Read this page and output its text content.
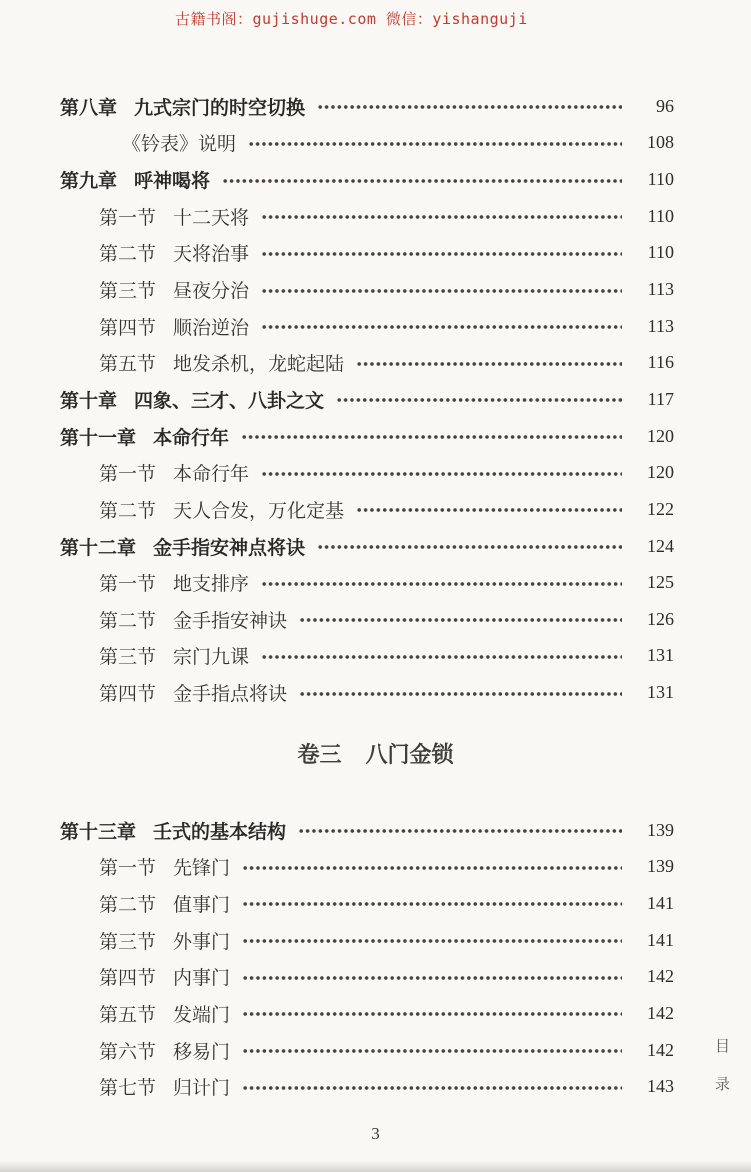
古籍书阁：gujishuge.com 微信：yishanguji
第八章 九式宗门的时空切换	96
《钤表》说明	108
第九章 呼神喝将	110
第一节 十二天将	110
第二节 天将治事	110
第三节 昼夜分治	113
第四节 顺治逆治	113
第五节 地发杀机，龙蛇起陆	116
第十章 四象、三才、八卦之文	117
第十一章 本命行年	120
第一节 本命行年	120
第二节 天人合发，万化定基	122
第十二章 金手指安神点将诀	124
第一节 地支排序	125
第二节 金手指安神诀	126
第三节 宗门九课	131
第四节 金手指点将诀	131
卷三 八门金锁
第十三章 壬式的基本结构	139
第一节 先锋门	139
第二节 值事门	141
第三节 外事门	141
第四节 内事门	142
第五节 发端门	142
第六节 移易门	142
第七节 归计门	143	目录
3
